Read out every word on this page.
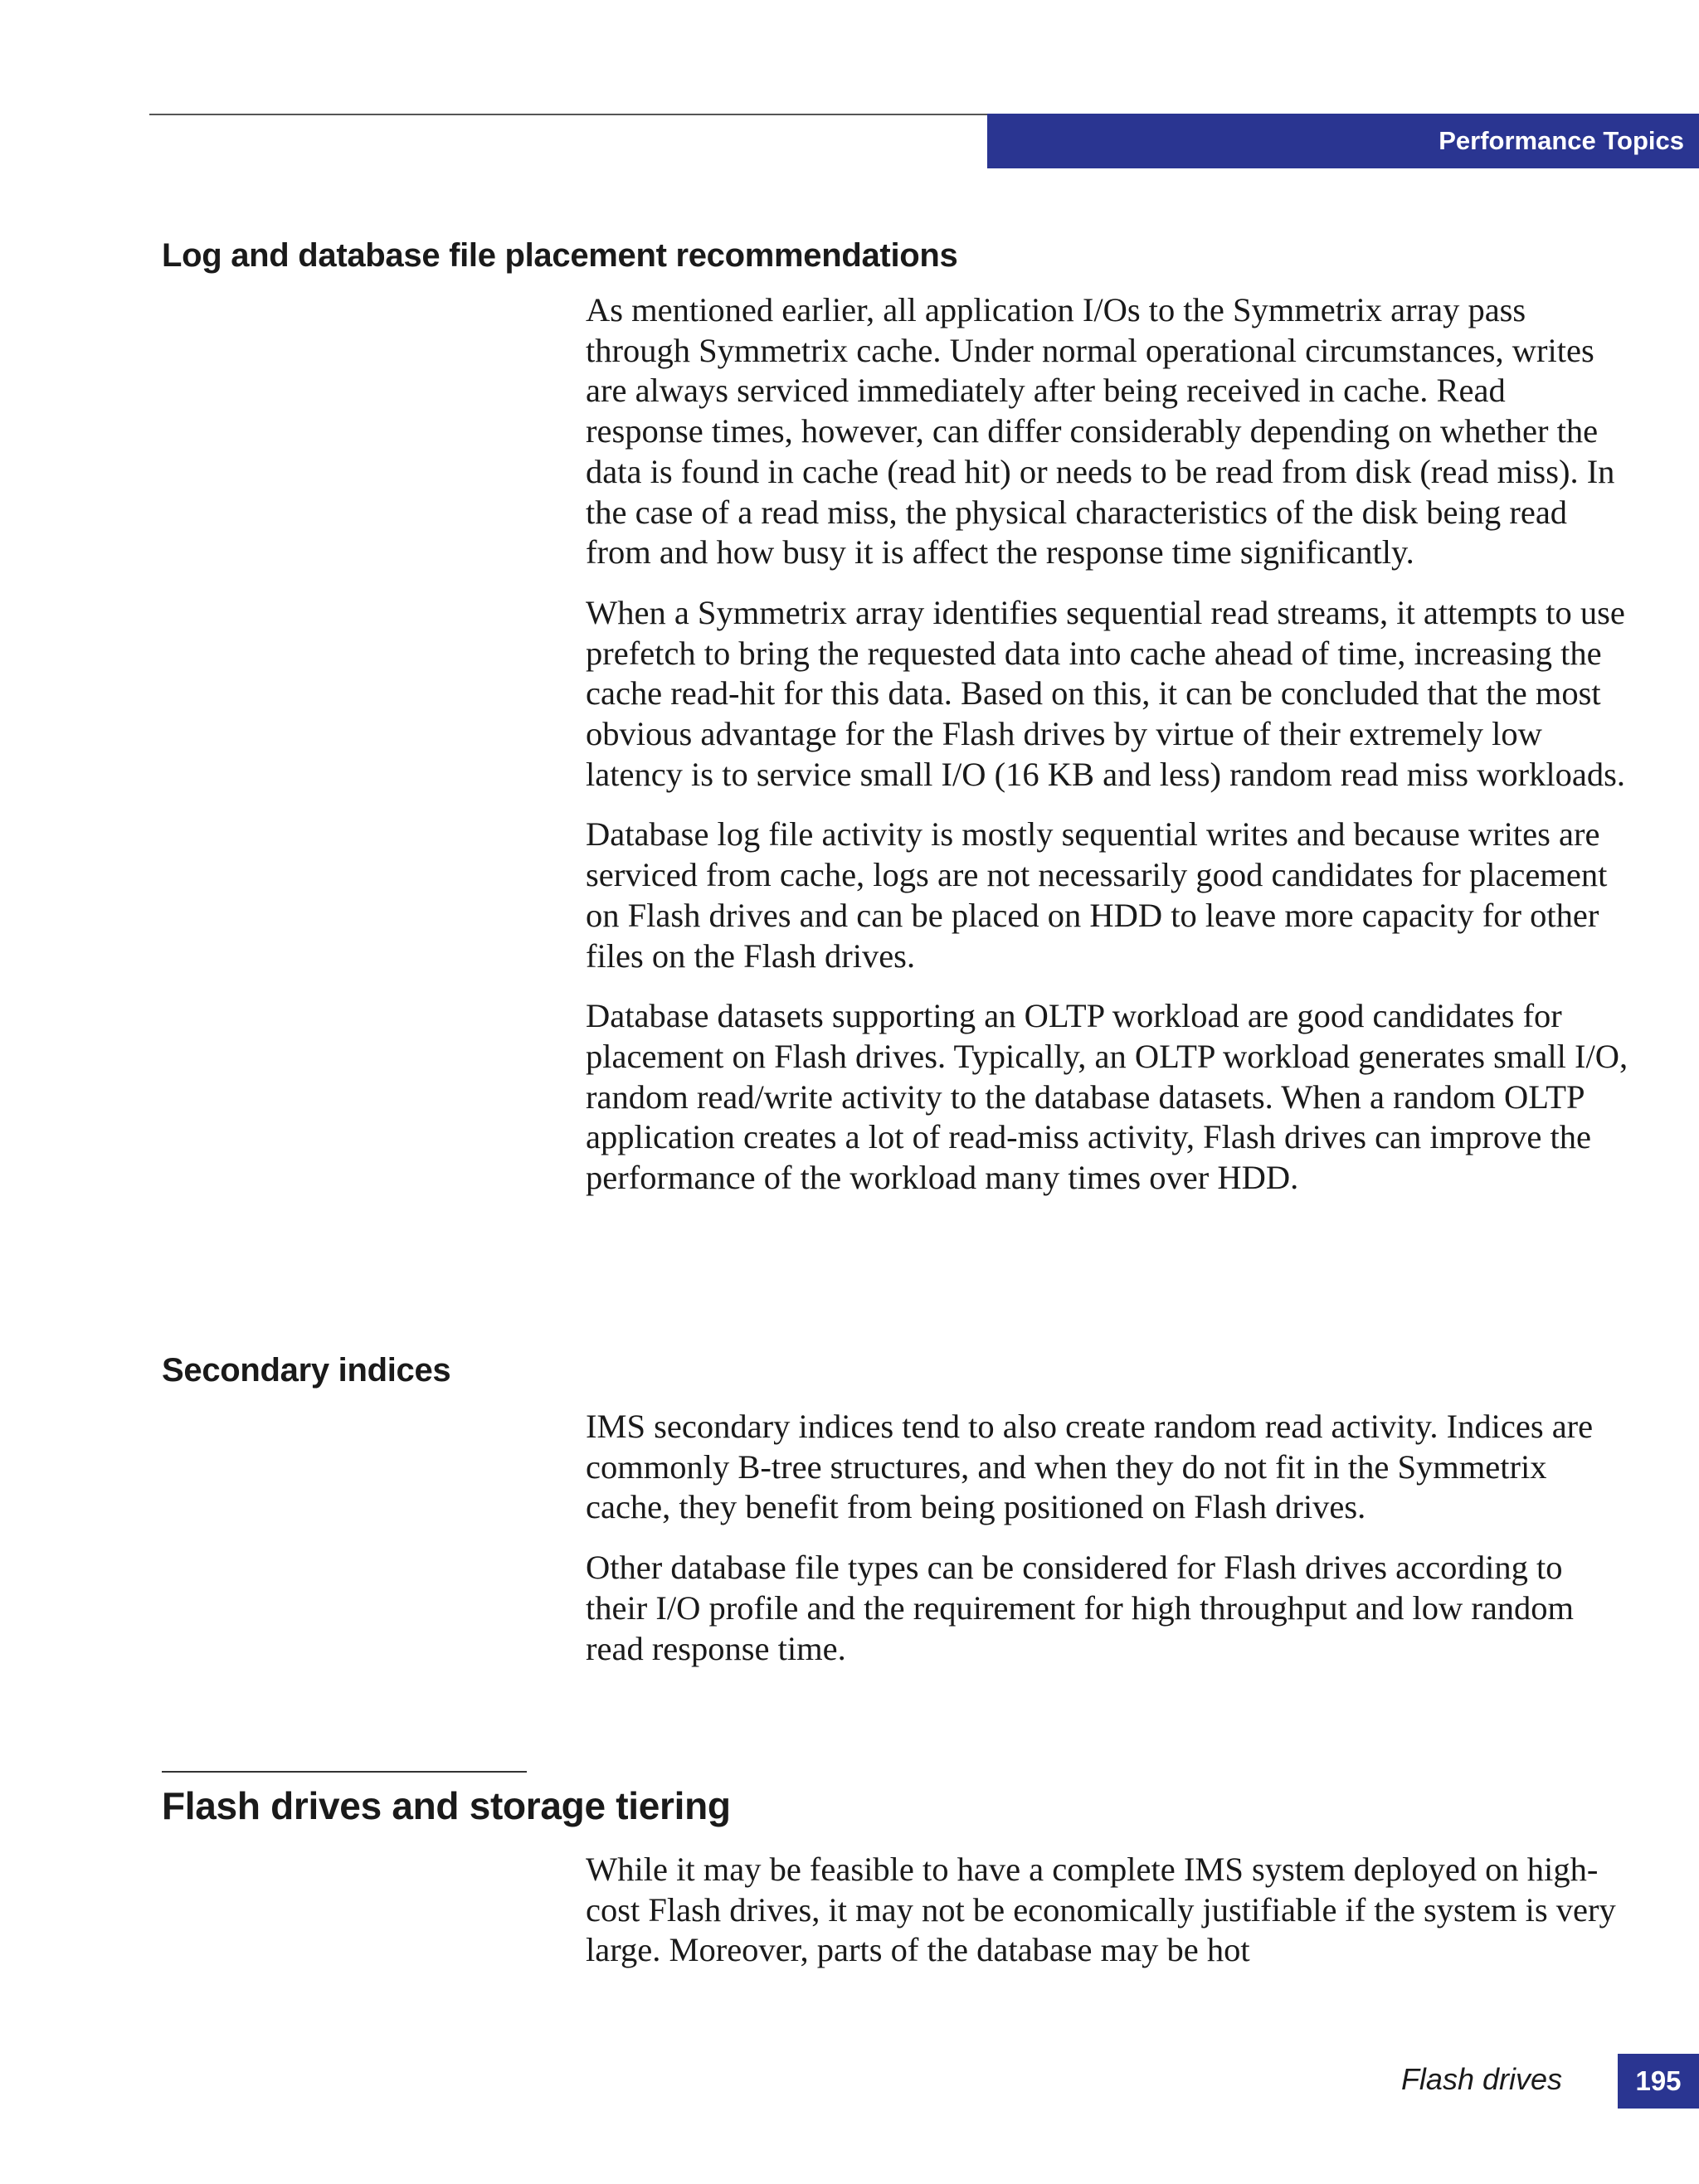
Performance Topics
Log and database file placement recommendations

As mentioned earlier, all application I/Os to the Symmetrix array pass through Symmetrix cache. Under normal operational circumstances, writes are always serviced immediately after being received in cache. Read response times, however, can differ considerably depending on whether the data is found in cache (read hit) or needs to be read from disk (read miss). In the case of a read miss, the physical characteristics of the disk being read from and how busy it is affect the response time significantly.

When a Symmetrix array identifies sequential read streams, it attempts to use prefetch to bring the requested data into cache ahead of time, increasing the cache read-hit for this data. Based on this, it can be concluded that the most obvious advantage for the Flash drives by virtue of their extremely low latency is to service small I/O (16 KB and less) random read miss workloads.

Database log file activity is mostly sequential writes and because writes are serviced from cache, logs are not necessarily good candidates for placement on Flash drives and can be placed on HDD to leave more capacity for other files on the Flash drives.

Database datasets supporting an OLTP workload are good candidates for placement on Flash drives. Typically, an OLTP workload generates small I/O, random read/write activity to the database datasets. When a random OLTP application creates a lot of read-miss activity, Flash drives can improve the performance of the workload many times over HDD.

Secondary indices

IMS secondary indices tend to also create random read activity. Indices are commonly B-tree structures, and when they do not fit in the Symmetrix cache, they benefit from being positioned on Flash drives.

Other database file types can be considered for Flash drives according to their I/O profile and the requirement for high throughput and low random read response time.

Flash drives and storage tiering

While it may be feasible to have a complete IMS system deployed on high-cost Flash drives, it may not be economically justifiable if the system is very large. Moreover, parts of the database may be hot

Flash drives	195
